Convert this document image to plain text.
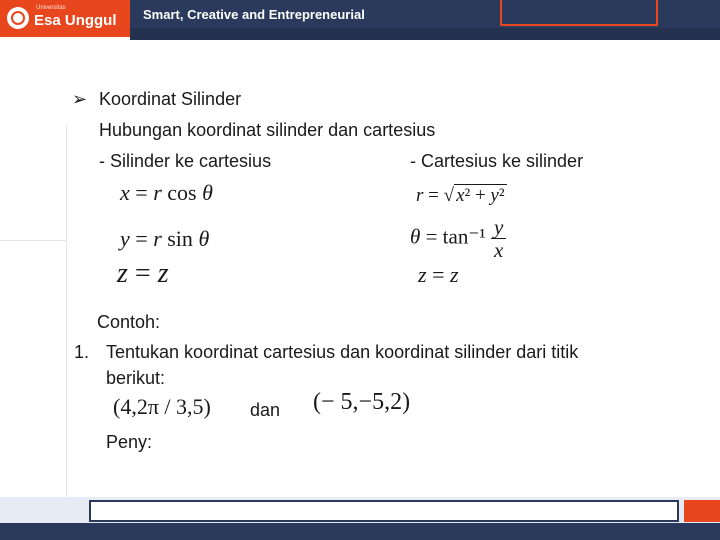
Universitas
Esa Unggul Smart, Creative and Entrepreneurial
➢ Koordinat Silinder
Hubungan koordinat silinder dan cartesius
- Silinder ke cartesius	- Cartesius ke silinder
x = r cos θ
y = r sin θ
z = z
r = √ x² + y²
$\theta = \tan^{-1} \frac{y}{x}$
z = z
Contoh:
1. Tentukan koordinat cartesius dan koordinat silinder dari titik
berikut:
(4,2π / 3,5) dan (− 5,−5,2)
Peny:
